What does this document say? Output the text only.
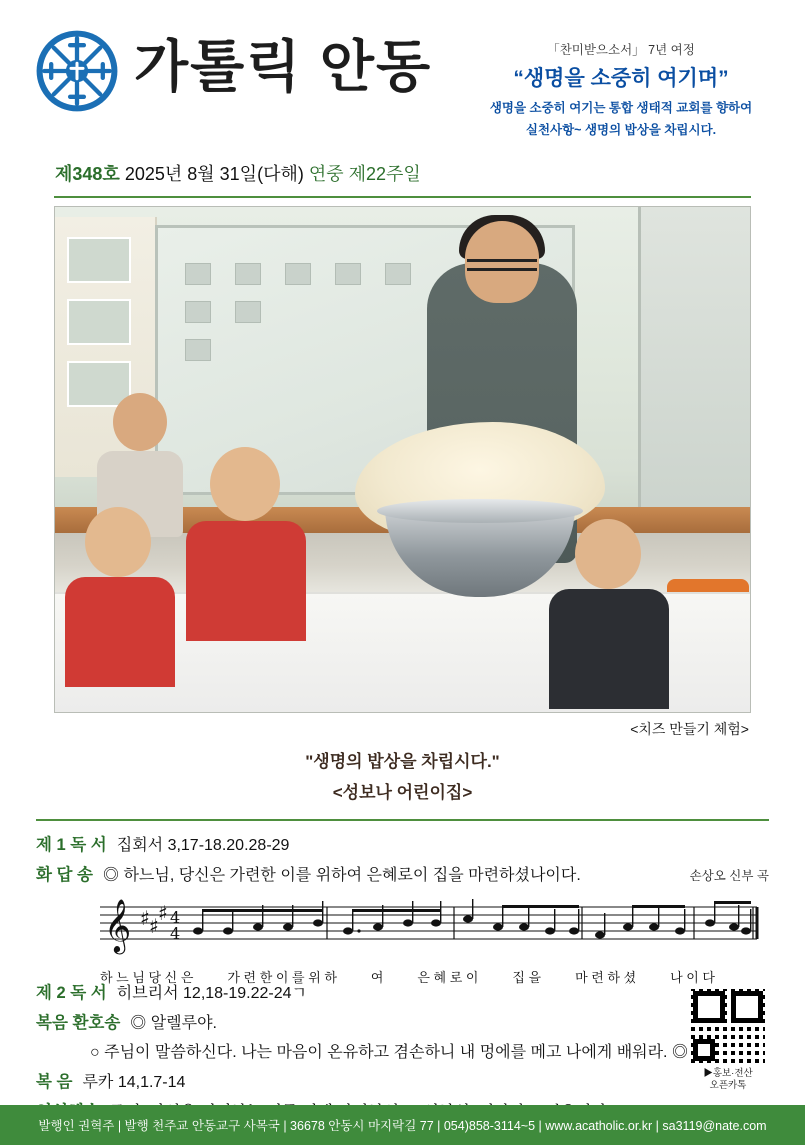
가톨릭 안동	「찬미받으소서」 7년 여정
“생명을 소중히 여기며”
생명을 소중히 여기는 통합 생태적 교회를 향하여
실천사항~ 생명의 밥상을 차립시다.
제348호 2025년 8월 31일(다해) 연중 제22주일
<치즈 만들기 체험>
"생명의 밥상을 차립시다."
<성보나 어린이집>
제 1 독 서 집회서 3,17-18.20.28-29
화 답 송 ◎ 하느님, 당신은 가련한 이를 위하여 은혜로이 집을 마련하셨나이다.	손상오 신부 곡
𝄞 ♯ ♯
♯ 4
4
하 느 님 당 신 은	가 련 한 이 를 위 하	여	은 혜 로 이	집 을	마 련 하 셨	나 이 다
제 2 독 서 히브리서 12,18-19.22-24ㄱ
복음 환호송 ◎ 알렐루야.
○ 주님이 말씀하신다. 나는 마음이 온유하고 겸손하니 내 멍에를 메고 나에게 배워라. ◎
복 음 루카 14,1.7-14
▶홍보·전산
오픈카톡
발행인 권혁주 | 발행 천주교 안동교구 사목국 | 36678 안동시 마지락길 77 | 054)858-3114~5 | www.acatholic.or.kr | sa3119@nate.com
